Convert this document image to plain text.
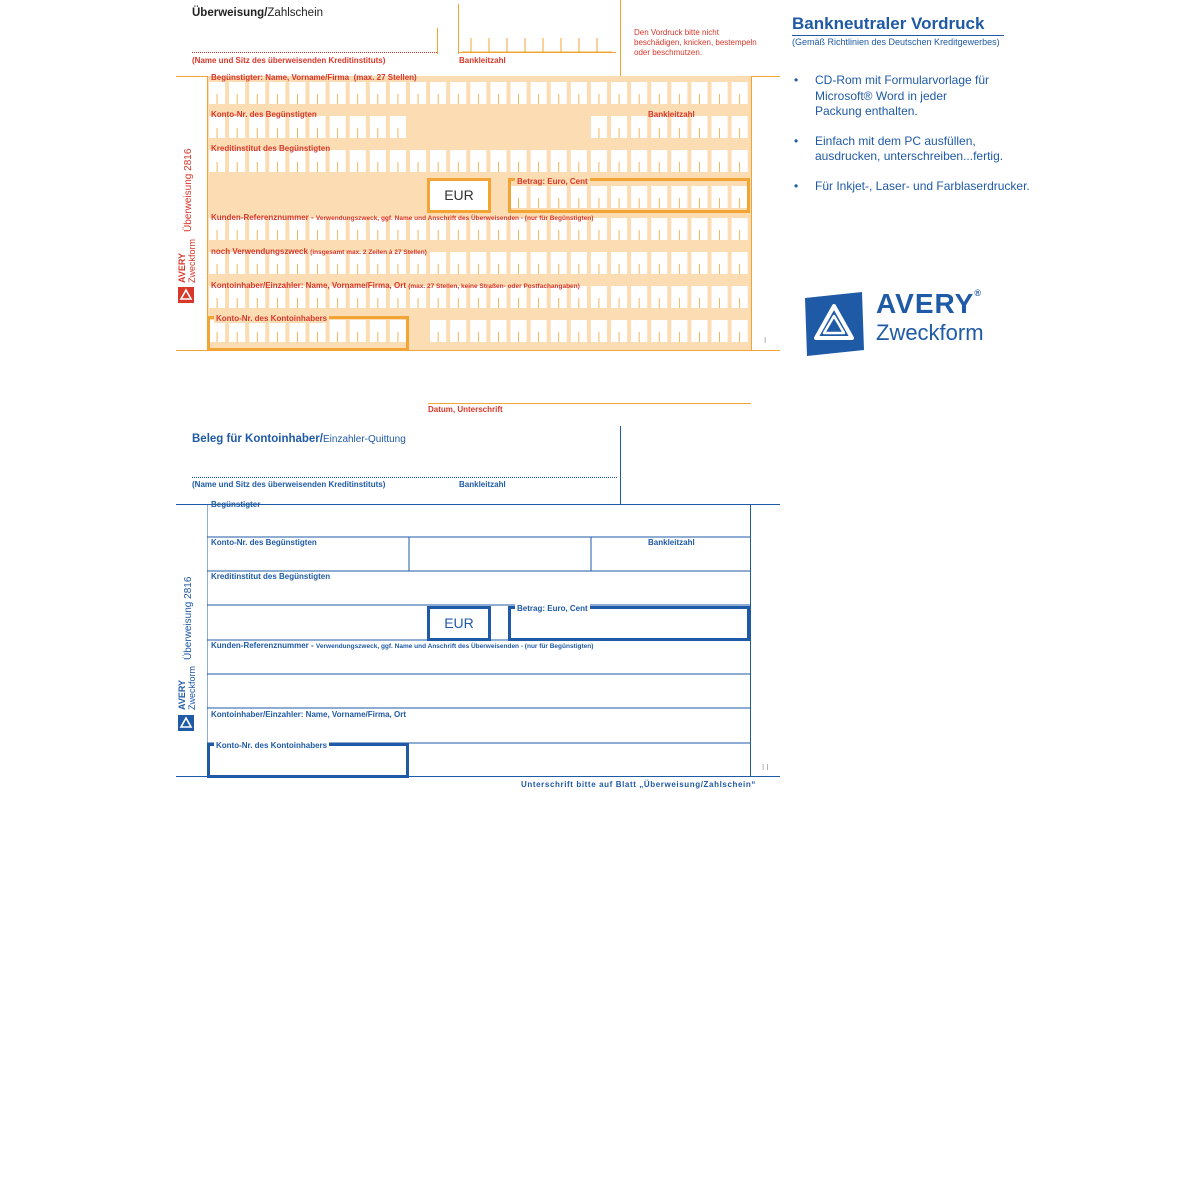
Überweisung/Zahlschein
(Name und Sitz des überweisenden Kreditinstituts)	Bankleitzahl
Den Vordruck bitte nicht beschädigen, knicken, bestempeln oder beschmutzen.
Begünstigter: Name, Vorname/Firma (max. 27 Stellen)
Konto-Nr. des Begünstigten	Bankleitzahl
Kreditinstitut des Begünstigten
EUR
Betrag: Euro, Cent
Kunden-Referenznummer - Verwendungszweck, ggf. Name und Anschrift des Überweisenden - (nur für Begünstigten)
noch Verwendungszweck (insgesamt max. 2 Zeilen à 27 Stellen)
Kontoinhaber/Einzahler: Name, Vorname/Firma, Ort (max. 27 Stellen, keine Straßen- oder Postfachangaben)
Konto-Nr. des Kontoinhabers
I
Überweisung 2816
AVERY
Zweckform
Datum, Unterschrift
Beleg für Kontoinhaber/Einzahler-Quittung
(Name und Sitz des überweisenden Kreditinstituts)	Bankleitzahl
Begünstigter
Konto-Nr. des Begünstigten	Bankleitzahl
Kreditinstitut des Begünstigten
EUR
Betrag: Euro, Cent
Kunden-Referenznummer - Verwendungszweck, ggf. Name und Anschrift des Überweisenden - (nur für Begünstigten)
Kontoinhaber/Einzahler: Name, Vorname/Firma, Ort
Konto-Nr. des Kontoinhabers
I I
Unterschrift bitte auf Blatt „Überweisung/Zahlschein“
Überweisung 2816
AVERY
Zweckform
Bankneutraler Vordruck
(Gemäß Richtlinien des Deutschen Kreditgewerbes)
•	CD-Rom mit Formularvorlage für Microsoft® Word in jeder Packung enthalten.
•	Einfach mit dem PC ausfüllen, ausdrucken, unterschreiben...fertig.
•	Für Inkjet-, Laser- und Farblaserdrucker.
AVERY®
Zweckform
